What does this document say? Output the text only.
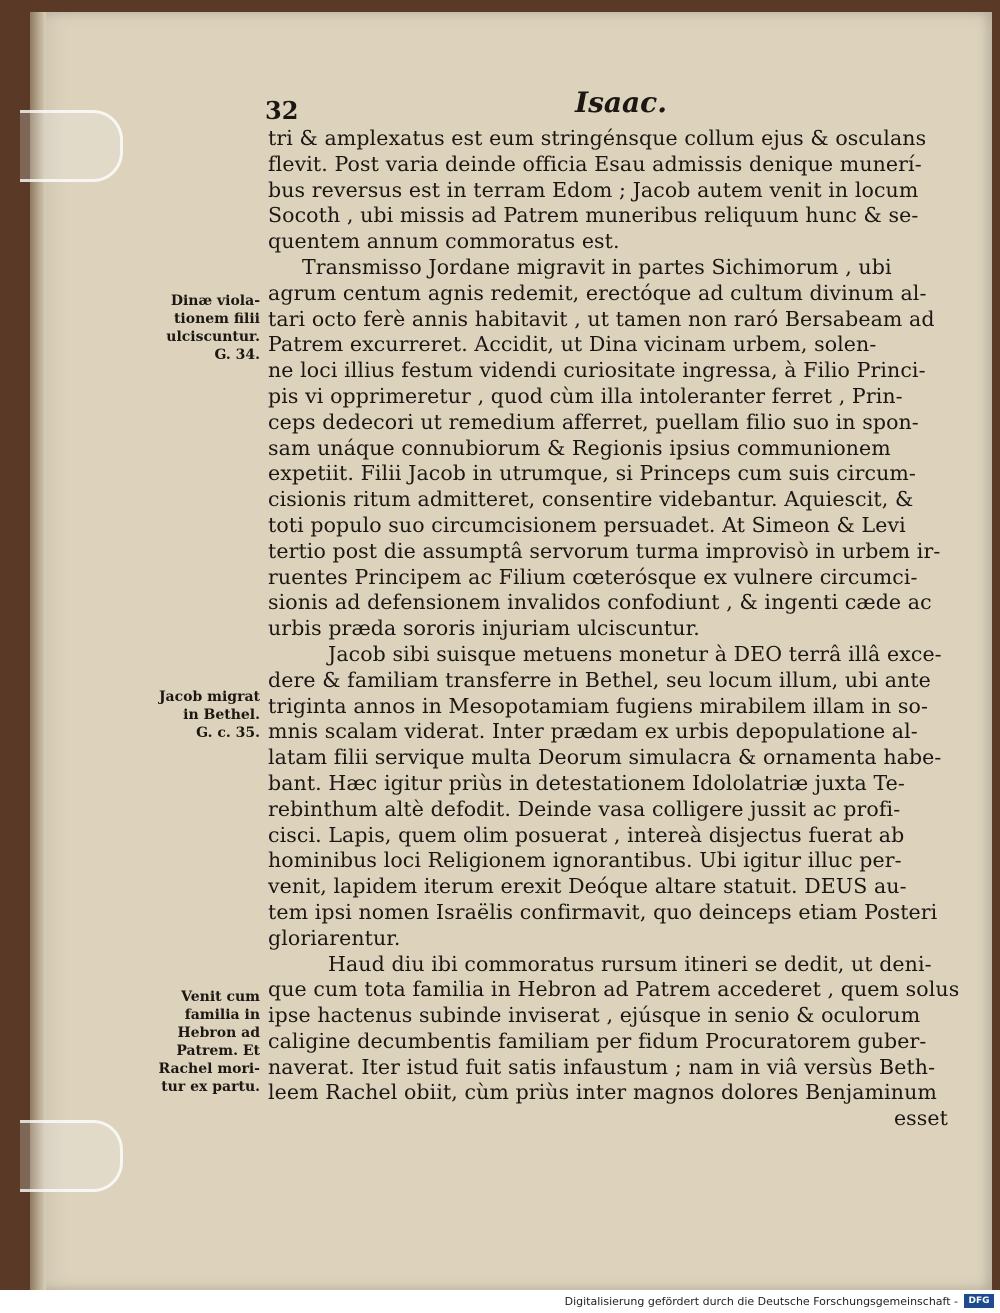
32	Isaac.
tri & amplexatus est eum stringénsque collum ejus & osculans
flevit. Post varia deinde officia Esau admissis denique munerí-
bus reversus est in terram Edom ; Jacob autem venit in locum
Socoth , ubi missis ad Patrem muneribus reliquum hunc & se-
quentem annum commoratus est.
Transmisso Jordane migravit in partes Sichimorum , ubi
agrum centum agnis redemit, erectóque ad cultum divinum al-
tari octo ferè annis habitavit , ut tamen non raró Bersabeam ad
Patrem excurreret. Accidit, ut Dina vicinam urbem, solen-
ne loci illius festum videndi curiositate ingressa, à Filio Princi-
pis vi opprimeretur , quod cùm illa intoleranter ferret , Prin-
ceps dedecori ut remedium afferret, puellam filio suo in spon-
sam unáque connubiorum & Regionis ipsius communionem
expetiit. Filii Jacob in utrumque, si Princeps cum suis circum-
cisionis ritum admitteret, consentire videbantur. Aquiescit, &
toti populo suo circumcisionem persuadet. At Simeon & Levi
tertio post die assumptâ servorum turma improvisò in urbem ir-
ruentes Principem ac Filium cœterósque ex vulnere circumci-
sionis ad defensionem invalidos confodiunt , & ingenti cæde ac
urbis præda sororis injuriam ulciscuntur.
Jacob sibi suisque metuens monetur à DEO terrâ illâ exce-
dere & familiam transferre in Bethel, seu locum illum, ubi ante
triginta annos in Mesopotamiam fugiens mirabilem illam in so-
mnis scalam viderat. Inter prædam ex urbis depopulatione al-
latam filii servique multa Deorum simulacra & ornamenta habe-
bant. Hæc igitur priùs in detestationem Idololatriæ juxta Te-
rebinthum altè defodit. Deinde vasa colligere jussit ac profi-
cisci. Lapis, quem olim posuerat , intereà disjectus fuerat ab
hominibus loci Religionem ignorantibus. Ubi igitur illuc per-
venit, lapidem iterum erexit Deóque altare statuit. DEUS au-
tem ipsi nomen Israëlis confirmavit, quo deinceps etiam Posteri
gloriarentur.
Haud diu ibi commoratus rursum itineri se dedit, ut deni-
que cum tota familia in Hebron ad Patrem accederet , quem solus
ipse hactenus subinde inviserat , ejúsque in senio & oculorum
caligine decumbentis familiam per fidum Procuratorem guber-
naverat. Iter istud fuit satis infaustum ; nam in viâ versùs Beth-
leem Rachel obiit, cùm priùs inter magnos dolores Benjaminum
esset
Dinæ viola-
tionem filii
ulciscuntur.
G. 34.
Jacob migrat
in Bethel.
G. c. 35.
Venit cum
familia in
Hebron ad
Patrem. Et
Rachel mori-
tur ex partu.
Digitalisierung gefördert durch die Deutsche Forschungsgemeinschaft -	DFG
